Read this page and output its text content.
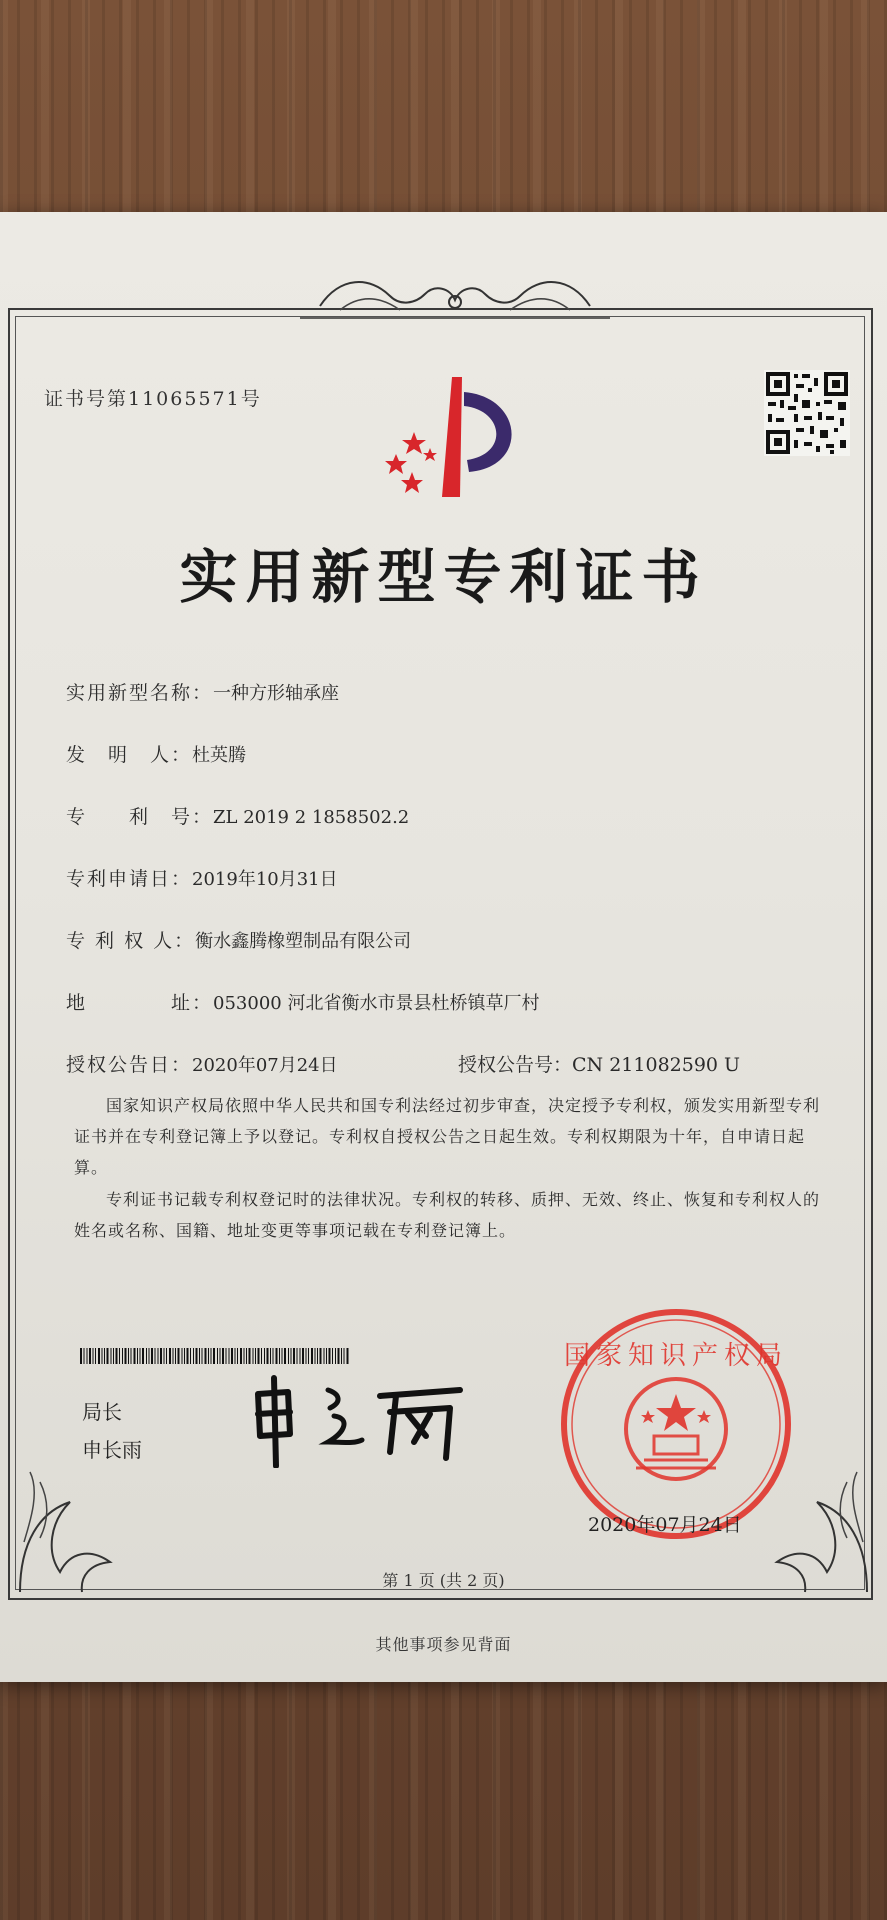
证书号第11065571号
实用新型专利证书
实用新型名称：一种方形轴承座
发　明　人：杜英腾
专　　利　号：ZL 2019 2 1858502.2
专利申请日：2019年10月31日
专 利 权 人：衡水鑫腾橡塑制品有限公司
地　　　　址：053000 河北省衡水市景县杜桥镇草厂村
授权公告日：2020年07月24日	授权公告号：CN 211082590 U
国家知识产权局依照中华人民共和国专利法经过初步审查，决定授予专利权，颁发实用新型专利证书并在专利登记簿上予以登记。专利权自授权公告之日起生效。专利权期限为十年，自申请日起算。
专利证书记载专利权登记时的法律状况。专利权的转移、质押、无效、终止、恢复和专利权人的姓名或名称、国籍、地址变更等事项记载在专利登记簿上。
局长
申长雨
国家知识产权局
2020年07月24日
第 1 页 (共 2 页)
其他事项参见背面
